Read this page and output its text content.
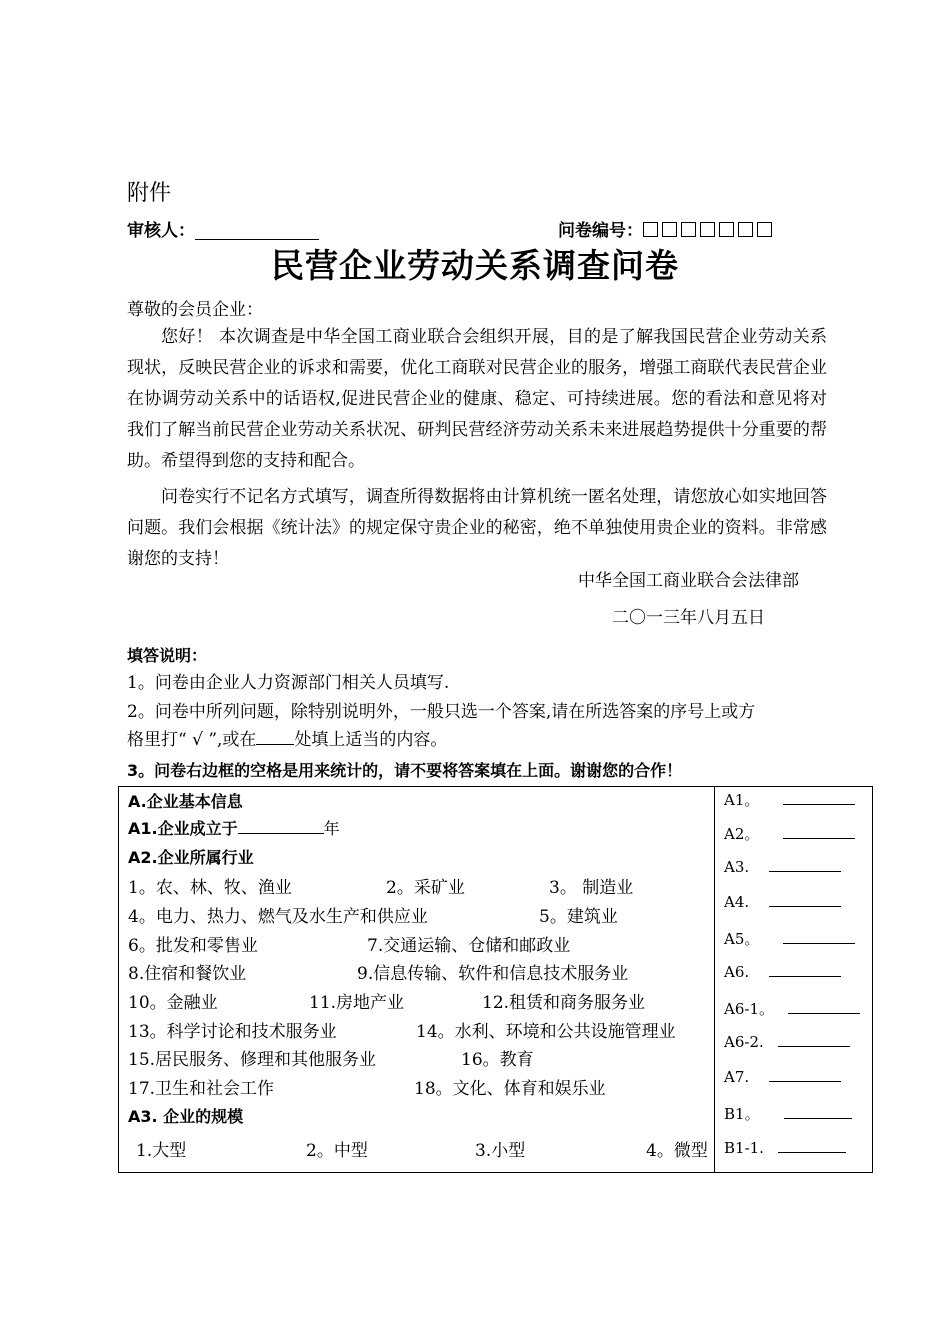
附件
审核人：	问卷编号：
民营企业劳动关系调查问卷
尊敬的会员企业：
您好！ 本次调查是中华全国工商业联合会组织开展，目的是了解我国民营企业劳动关系现状，反映民营企业的诉求和需要，优化工商联对民营企业的服务，增强工商联代表民营企业在协调劳动关系中的话语权,促进民营企业的健康、稳定、可持续进展。您的看法和意见将对我们了解当前民营企业劳动关系状况、研判民营经济劳动关系未来进展趋势提供十分重要的帮助。希望得到您的支持和配合。
问卷实行不记名方式填写，调查所得数据将由计算机统一匿名处理，请您放心如实地回答问题。我们会根据《统计法》的规定保守贵企业的秘密，绝不单独使用贵企业的资料。非常感谢您的支持！
中华全国工商业联合会法律部
二〇一三年八月五日
填答说明：
1。问卷由企业人力资源部门相关人员填写.
2。问卷中所列问题，除特别说明外，一般只选一个答案,请在所选答案的序号上或方
格里打“ √ ”,或在 处填上适当的内容。
3。问卷右边框的空格是用来统计的，请不要将答案填在上面。谢谢您的合作！
A.企业基本信息
A1.企业成立于	年
A2.企业所属行业
1。农、林、牧、渔业	2。采矿业	3。 制造业
4。电力、热力、燃气及水生产和供应业	5。建筑业
6。批发和零售业	7.交通运输、仓储和邮政业
8.住宿和餐饮业	9.信息传输、软件和信息技术服务业
10。金融业	11.房地产业	12.租赁和商务服务业
13。科学讨论和技术服务业	14。水利、环境和公共设施管理业
15.居民服务、修理和其他服务业	16。教育
17.卫生和社会工作	18。文化、体育和娱乐业
A3. 企业的规模
1.大型	2。中型	3.小型	4。微型
A1。
A2。
A3.
A4.
A5。
A6.
A6-1。
A6-2.
A7.
B1。
B1-1.
